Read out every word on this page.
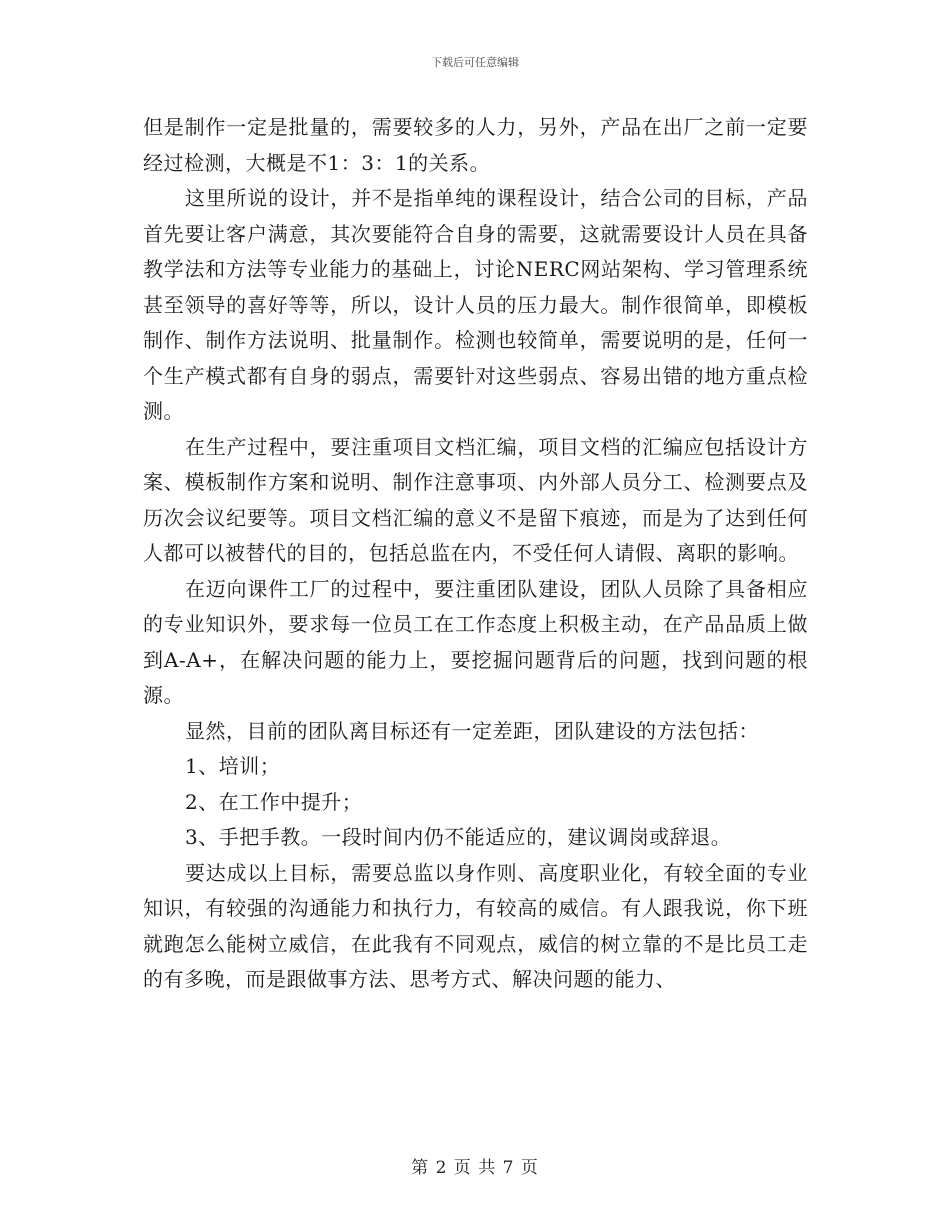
下载后可任意编辑

但是制作一定是批量的，需要较多的人力，另外，产品在出厂之前一定要经过检测，大概是不1：3：1的关系。

这里所说的设计，并不是指单纯的课程设计，结合公司的目标，产品首先要让客户满意，其次要能符合自身的需要，这就需要设计人员在具备教学法和方法等专业能力的基础上，讨论NERC网站架构、学习管理系统甚至领导的喜好等等，所以，设计人员的压力最大。制作很简单，即模板制作、制作方法说明、批量制作。检测也较简单，需要说明的是，任何一个生产模式都有自身的弱点，需要针对这些弱点、容易出错的地方重点检测。

在生产过程中，要注重项目文档汇编，项目文档的汇编应包括设计方案、模板制作方案和说明、制作注意事项、内外部人员分工、检测要点及历次会议纪要等。项目文档汇编的意义不是留下痕迹，而是为了达到任何人都可以被替代的目的，包括总监在内，不受任何人请假、离职的影响。

在迈向课件工厂的过程中，要注重团队建设，团队人员除了具备相应的专业知识外，要求每一位员工在工作态度上积极主动，在产品品质上做到A-A+，在解决问题的能力上，要挖掘问题背后的问题，找到问题的根源。

显然，目前的团队离目标还有一定差距，团队建设的方法包括：

1、培训；

2、在工作中提升；

3、手把手教。一段时间内仍不能适应的，建议调岗或辞退。

要达成以上目标，需要总监以身作则、高度职业化，有较全面的专业知识，有较强的沟通能力和执行力，有较高的威信。有人跟我说，你下班就跑怎么能树立威信，在此我有不同观点，威信的树立靠的不是比员工走的有多晚，而是跟做事方法、思考方式、解决问题的能力、

第 2 页 共 7 页
